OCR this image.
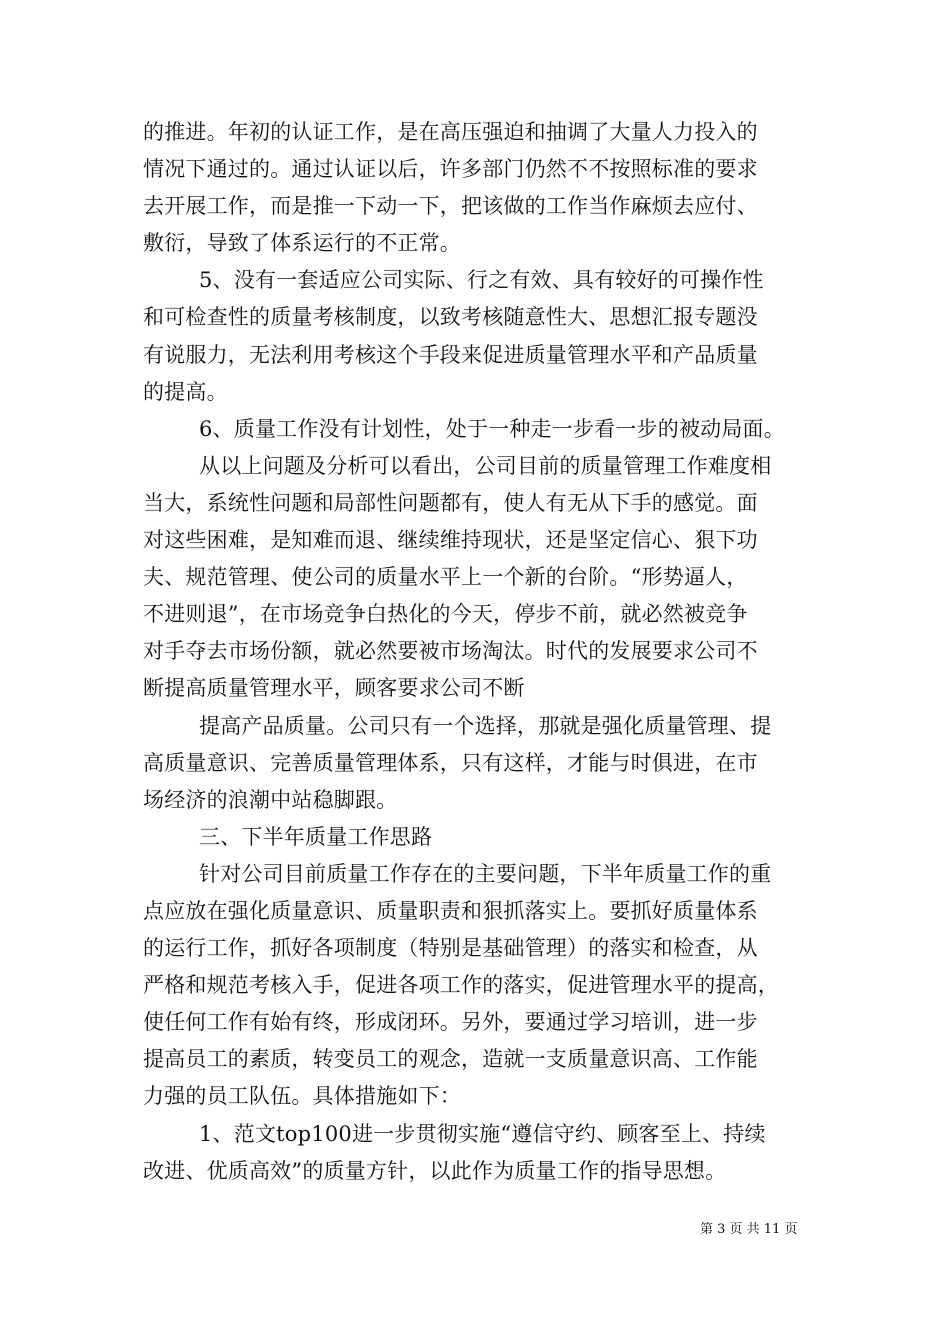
的推进。年初的认证工作，是在高压强迫和抽调了大量人力投入的
情况下通过的。通过认证以后，许多部门仍然不不按照标准的要求
去开展工作，而是推一下动一下，把该做的工作当作麻烦去应付、
敷衍，导致了体系运行的不正常。
5、没有一套适应公司实际、行之有效、具有较好的可操作性
和可检查性的质量考核制度，以致考核随意性大、思想汇报专题没
有说服力，无法利用考核这个手段来促进质量管理水平和产品质量
的提高。
6、质量工作没有计划性，处于一种走一步看一步的被动局面。
从以上问题及分析可以看出，公司目前的质量管理工作难度相
当大，系统性问题和局部性问题都有，使人有无从下手的感觉。面
对这些困难，是知难而退、继续维持现状，还是坚定信心、狠下功
夫、规范管理、使公司的质量水平上一个新的台阶。“形势逼人，
不进则退”，在市场竞争白热化的今天，停步不前，就必然被竞争
对手夺去市场份额，就必然要被市场淘汰。时代的发展要求公司不
断提高质量管理水平，顾客要求公司不断
提高产品质量。公司只有一个选择，那就是强化质量管理、提
高质量意识、完善质量管理体系，只有这样，才能与时俱进，在市
场经济的浪潮中站稳脚跟。
三、下半年质量工作思路
针对公司目前质量工作存在的主要问题，下半年质量工作的重
点应放在强化质量意识、质量职责和狠抓落实上。要抓好质量体系
的运行工作，抓好各项制度（特别是基础管理）的落实和检查，从
严格和规范考核入手，促进各项工作的落实，促进管理水平的提高，
使任何工作有始有终，形成闭环。另外，要通过学习培训，进一步
提高员工的素质，转变员工的观念，造就一支质量意识高、工作能
力强的员工队伍。具体措施如下：
1、范文top100进一步贯彻实施“遵信守约、顾客至上、持续
改进、优质高效”的质量方针，以此作为质量工作的指导思想。
第 3 页 共 11 页
